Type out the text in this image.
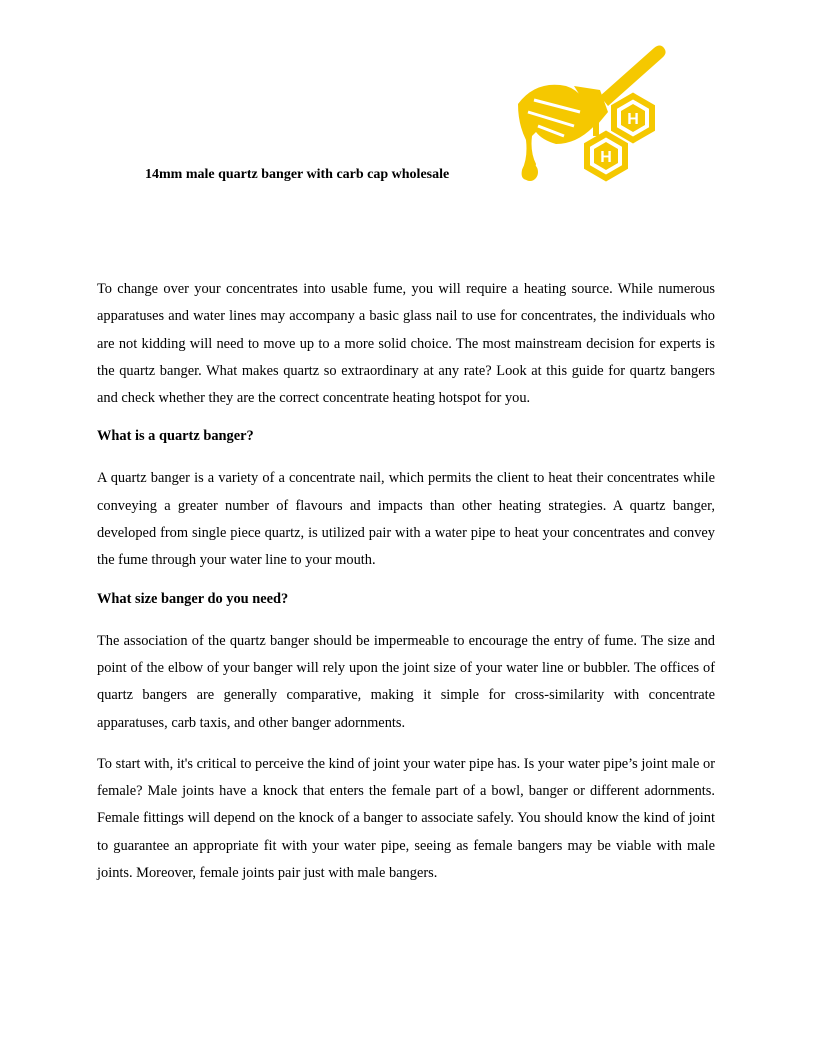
H
H
14mm male quartz banger with carb cap wholesale

To change over your concentrates into usable fume, you will require a heating source. While numerous apparatuses and water lines may accompany a basic glass nail to use for concentrates, the individuals who are not kidding will need to move up to a more solid choice. The most mainstream decision for experts is the quartz banger. What makes quartz so extraordinary at any rate? Look at this guide for quartz bangers and check whether they are the correct concentrate heating hotspot for you.

What is a quartz banger?

A quartz banger is a variety of a concentrate nail, which permits the client to heat their concentrates while conveying a greater number of flavours and impacts than other heating strategies. A quartz banger, developed from single piece quartz, is utilized pair with a water pipe to heat your concentrates and convey the fume through your water line to your mouth.

What size banger do you need?

The association of the quartz banger should be impermeable to encourage the entry of fume. The size and point of the elbow of your banger will rely upon the joint size of your water line or bubbler. The offices of quartz bangers are generally comparative, making it simple for cross-similarity with concentrate apparatuses, carb taxis, and other banger adornments.

To start with, it's critical to perceive the kind of joint your water pipe has. Is your water pipe’s joint male or female? Male joints have a knock that enters the female part of a bowl, banger or different adornments. Female fittings will depend on the knock of a banger to associate safely. You should know the kind of joint to guarantee an appropriate fit with your water pipe, seeing as female bangers may be viable with male joints. Moreover, female joints pair just with male bangers.
